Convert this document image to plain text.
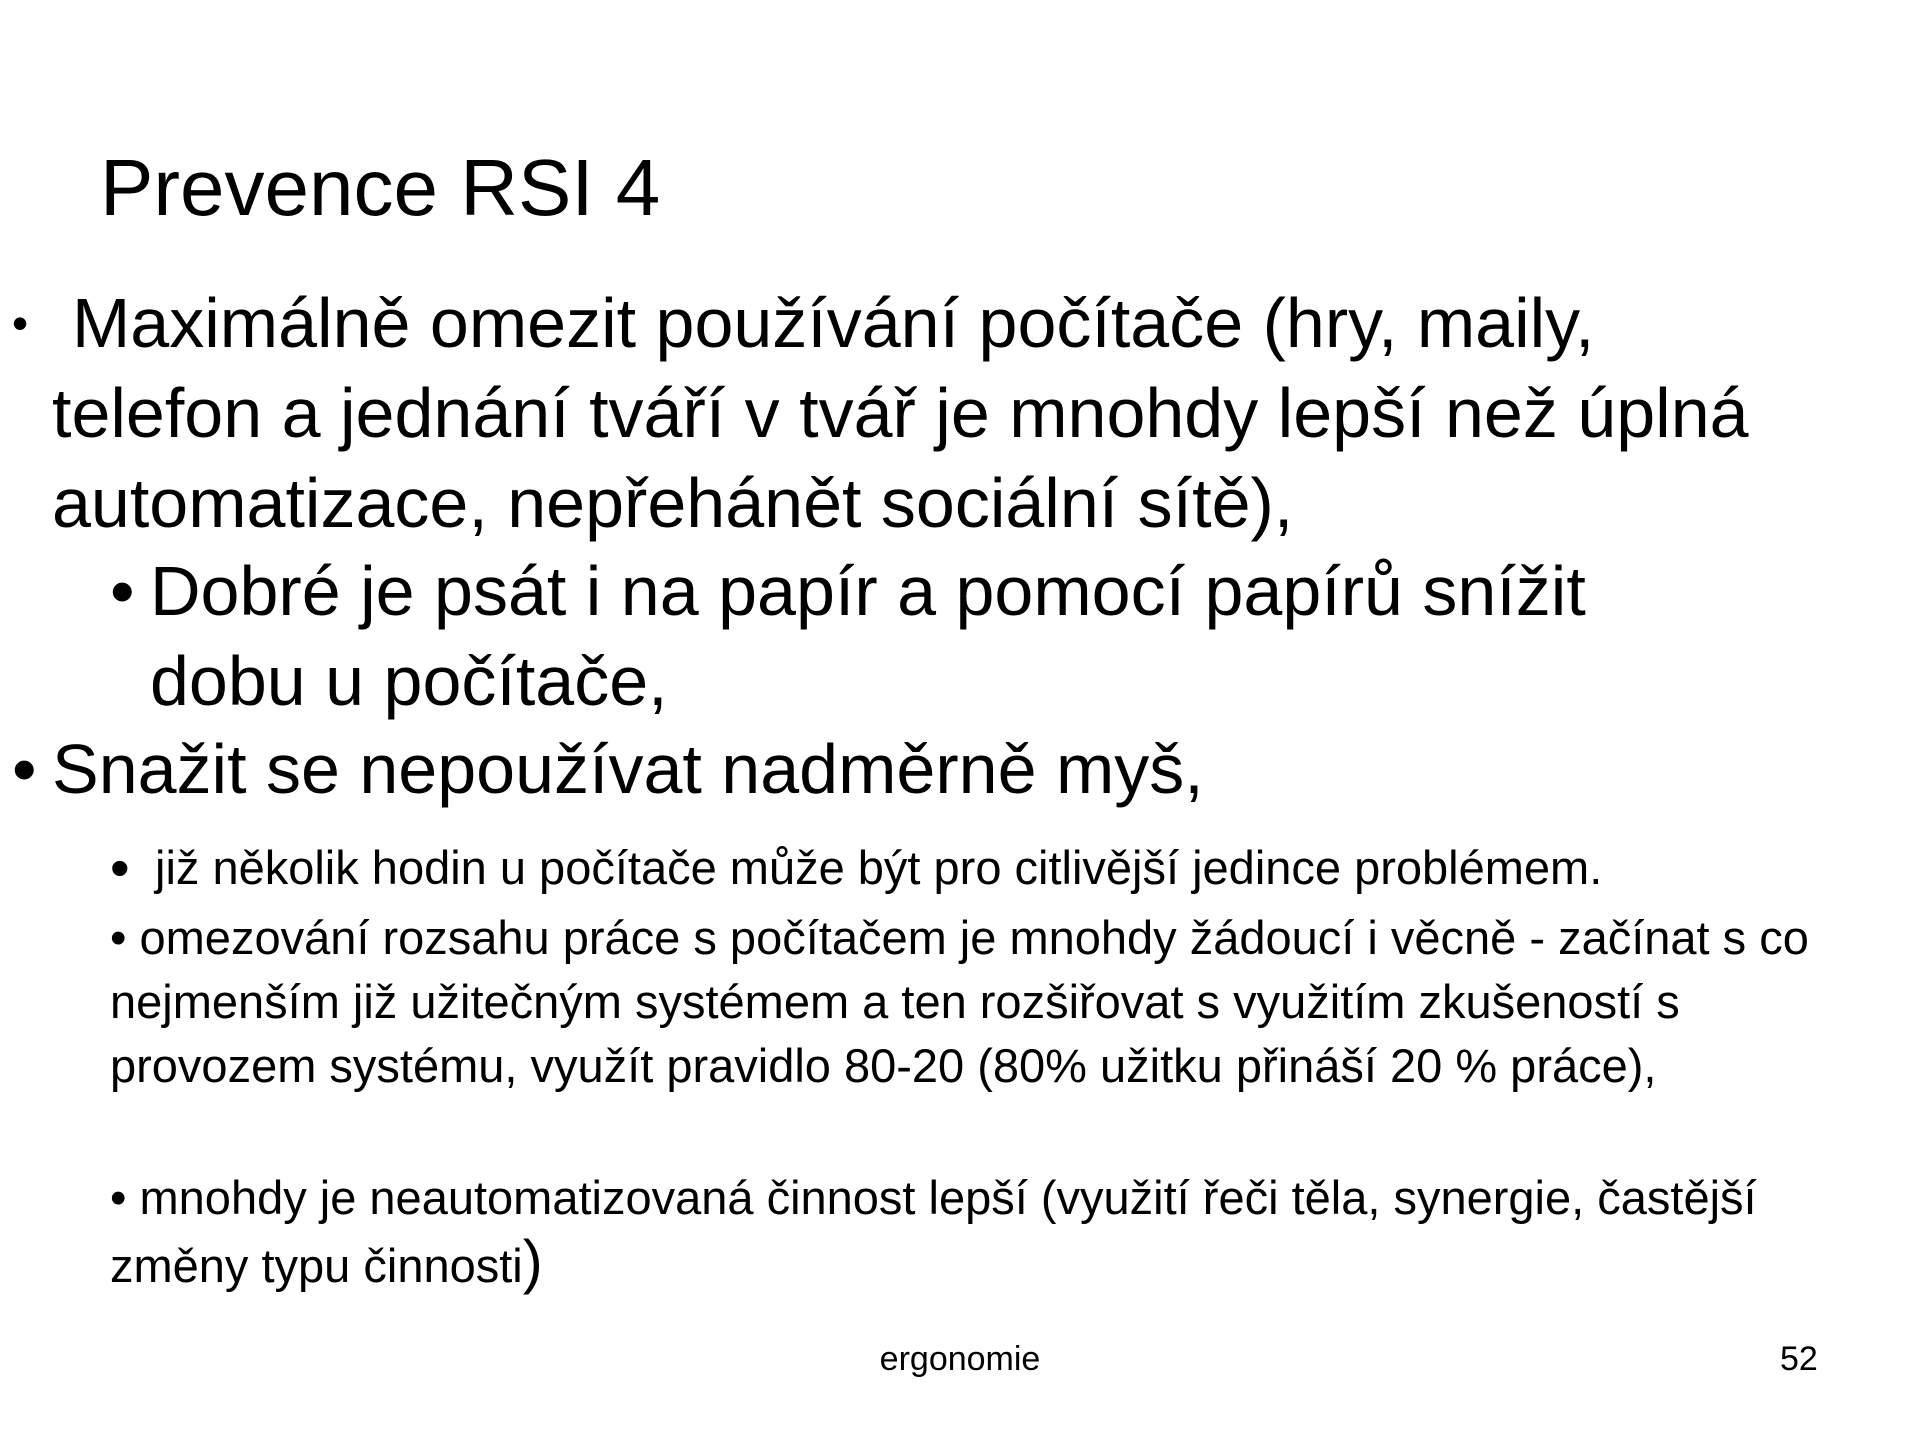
Prevence RSI 4
• Maximálně omezit používání počítače (hry, maily, telefon a jednání tváří v tvář je mnohdy lepší než úplná automatizace, nepřehánět sociální sítě),
• Dobré je psát i na papír a pomocí papírů snížit dobu u počítače,
• Snažit se nepoužívat nadměrně myš,
• již několik hodin u počítače může být pro citlivější jedince problémem.
• omezování rozsahu práce s počítačem je mnohdy žádoucí i věcně - začínat s co nejmenším již užitečným systémem a ten rozšiřovat s využitím zkušeností s provozem systému, využít pravidlo 80-20 (80% užitku přináší 20 % práce),
• mnohdy je neautomatizovaná činnost lepší (využití řeči těla, synergie, častější změny typu činnosti)
ergonomie	52
